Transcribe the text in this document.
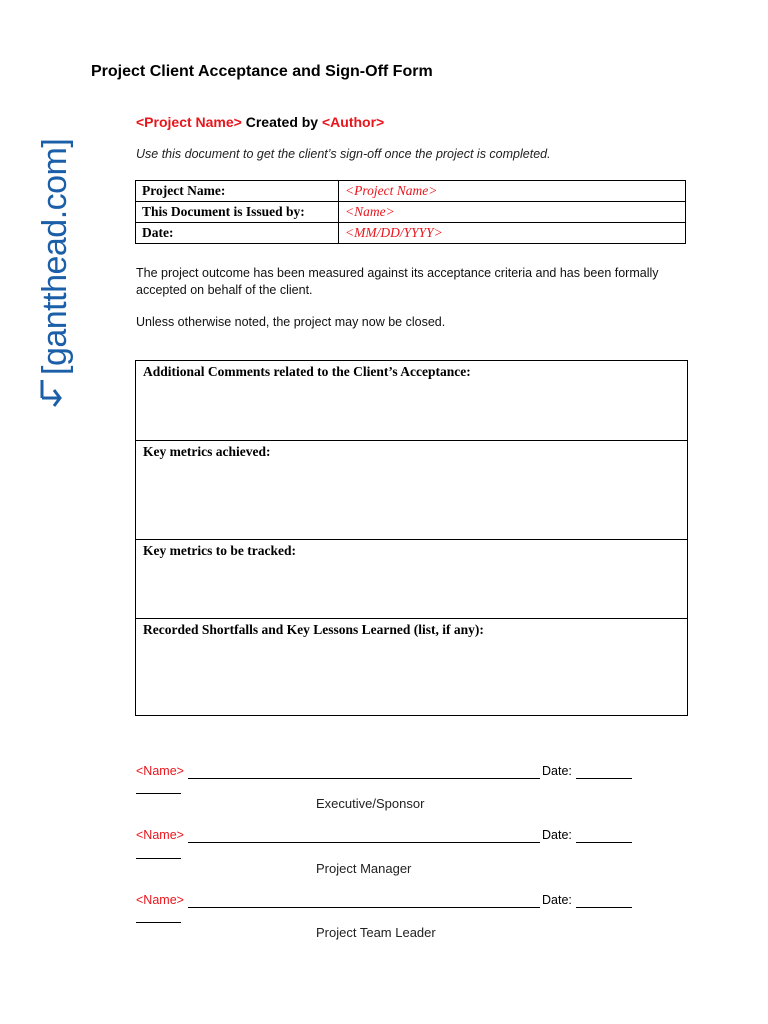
[gantthead.com]
Project Client Acceptance and Sign-Off Form
<Project Name> Created by <Author>
Use this document to get the client’s sign-off once the project is completed.
Project Name:	<Project Name>
This Document is Issued by:	<Name>
Date:	<MM/DD/YYYY>
The project outcome has been measured against its acceptance criteria and has been formally accepted on behalf of the client.
Unless otherwise noted, the project may now be closed.
Additional Comments related to the Client’s Acceptance:
Key metrics achieved:
Key metrics to be tracked:
Recorded Shortfalls and Key Lessons Learned (list, if any):
<Name>	Date:
Executive/Sponsor
<Name>	Date:
Project Manager
<Name>	Date:
Project Team Leader
